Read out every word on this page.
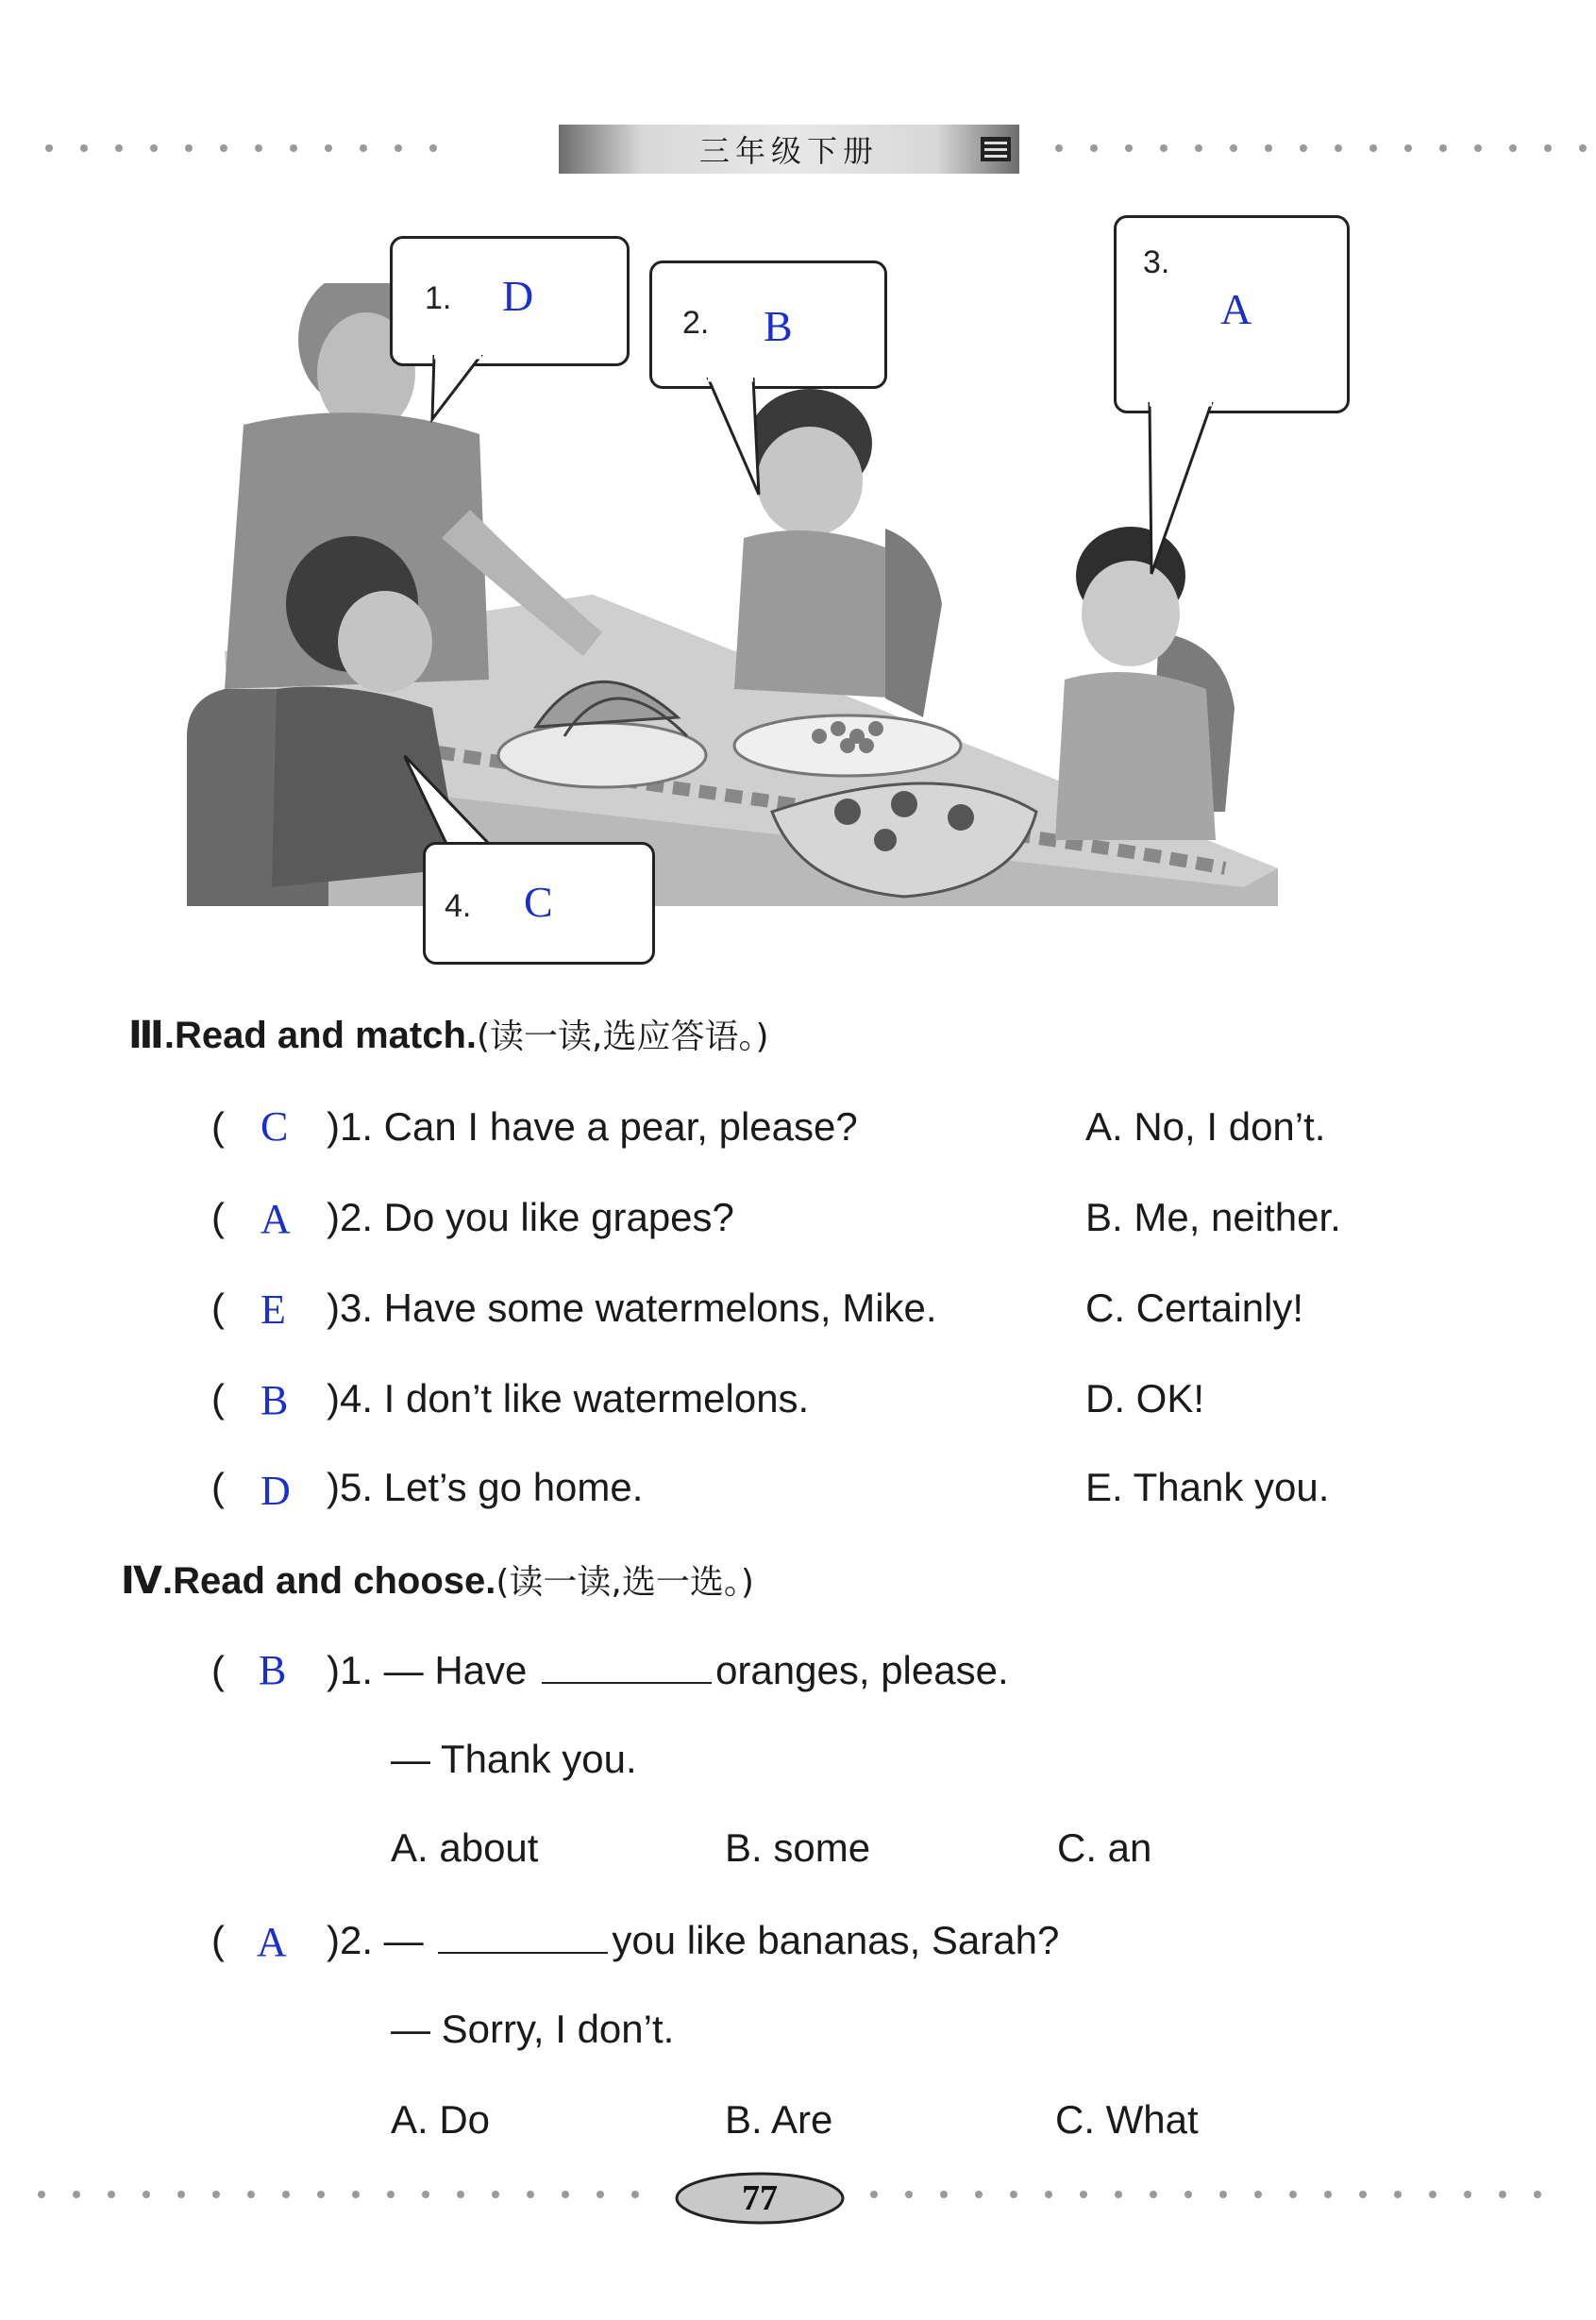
三年级下册
1. D
2. B
3.
A
4. C
Ⅲ.Read and match.(读一读,选应答语。)
( C )1. Can I have a pear, please?	A. No, I don’t.
( A )2. Do you like grapes?	B. Me, neither.
( E )3. Have some watermelons, Mike.	C. Certainly!
( B )4. I don’t like watermelons.	D. OK!
( D )5. Let’s go home.	E. Thank you.
Ⅳ.Read and choose.(读一读,选一选。)
( B )1. — Have	oranges, please.
— Thank you.
A. about	B. some	C. an
( A )2. —	you like bananas, Sarah?
— Sorry, I don’t.
A. Do	B. Are	C. What
77
